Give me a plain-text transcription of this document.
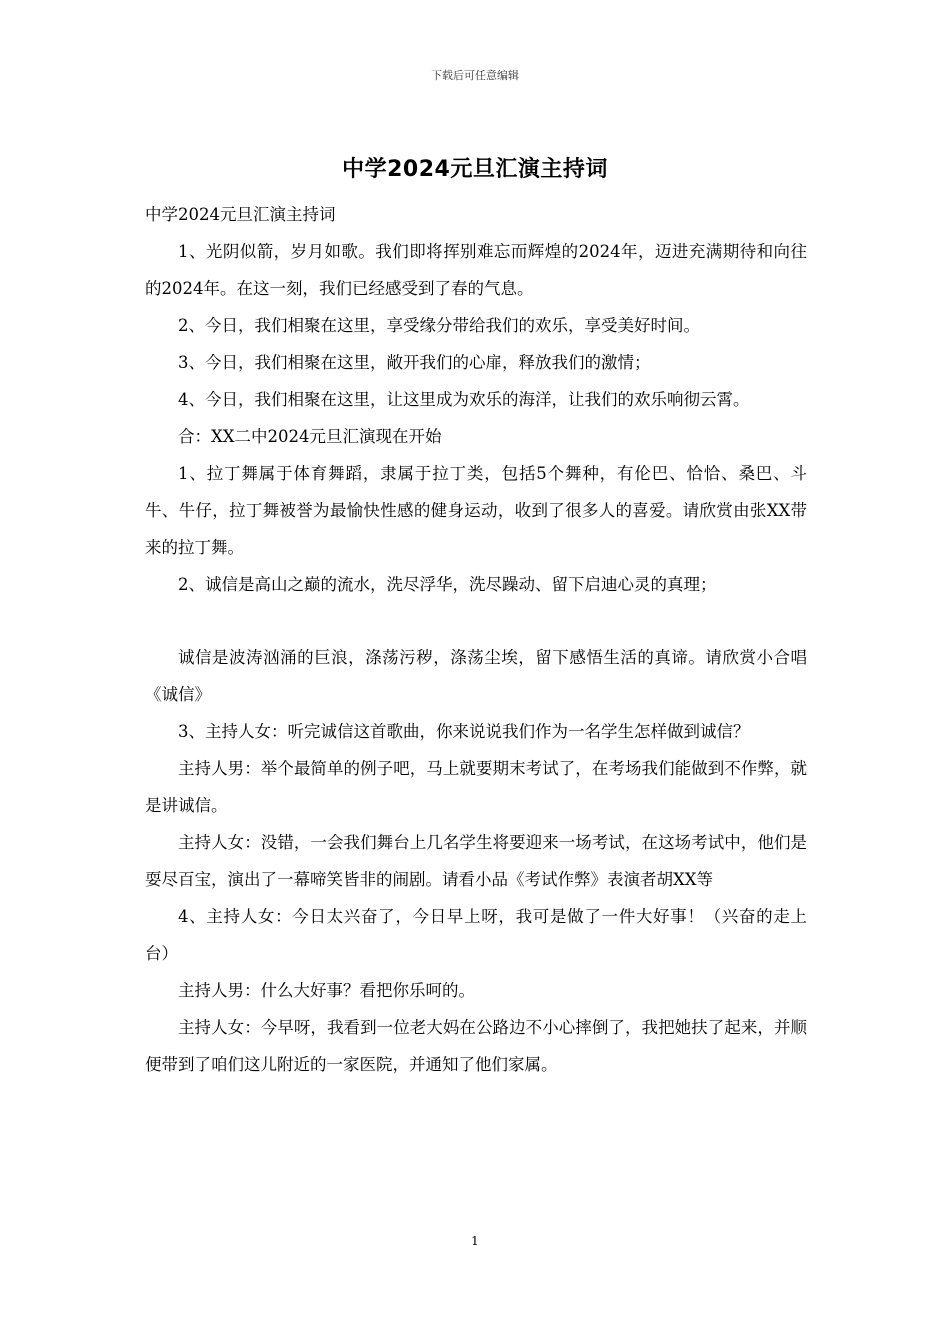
下载后可任意编辑
中学2024元旦汇演主持词

中学2024元旦汇演主持词

1、光阴似箭，岁月如歌。我们即将挥别难忘而辉煌的2024年，迈进充满期待和向往的2024年。在这一刻，我们已经感受到了春的气息。

2、今日，我们相聚在这里，享受缘分带给我们的欢乐，享受美好时间。

3、今日，我们相聚在这里，敞开我们的心扉，释放我们的激情；

4、今日，我们相聚在这里，让这里成为欢乐的海洋，让我们的欢乐响彻云霄。

合：XX二中2024元旦汇演现在开始

1、拉丁舞属于体育舞蹈，隶属于拉丁类，包括5个舞种，有伦巴、恰恰、桑巴、斗牛、牛仔，拉丁舞被誉为最愉快性感的健身运动，收到了很多人的喜爱。请欣赏由张XX带来的拉丁舞。

2、诚信是高山之巅的流水，洗尽浮华，洗尽躁动、留下启迪心灵的真理；

诚信是波涛汹涌的巨浪，涤荡污秽，涤荡尘埃，留下感悟生活的真谛。请欣赏小合唱《诚信》

3、主持人女：听完诚信这首歌曲，你来说说我们作为一名学生怎样做到诚信？

主持人男：举个最简单的例子吧，马上就要期末考试了，在考场我们能做到不作弊，就是讲诚信。

主持人女：没错，一会我们舞台上几名学生将要迎来一场考试，在这场考试中，他们是耍尽百宝，演出了一幕啼笑皆非的闹剧。请看小品《考试作弊》表演者胡XX等

4、主持人女：今日太兴奋了，今日早上呀，我可是做了一件大好事！（兴奋的走上台）

主持人男：什么大好事？看把你乐呵的。

主持人女：今早呀，我看到一位老大妈在公路边不小心摔倒了，我把她扶了起来，并顺便带到了咱们这儿附近的一家医院，并通知了他们家属。

1
